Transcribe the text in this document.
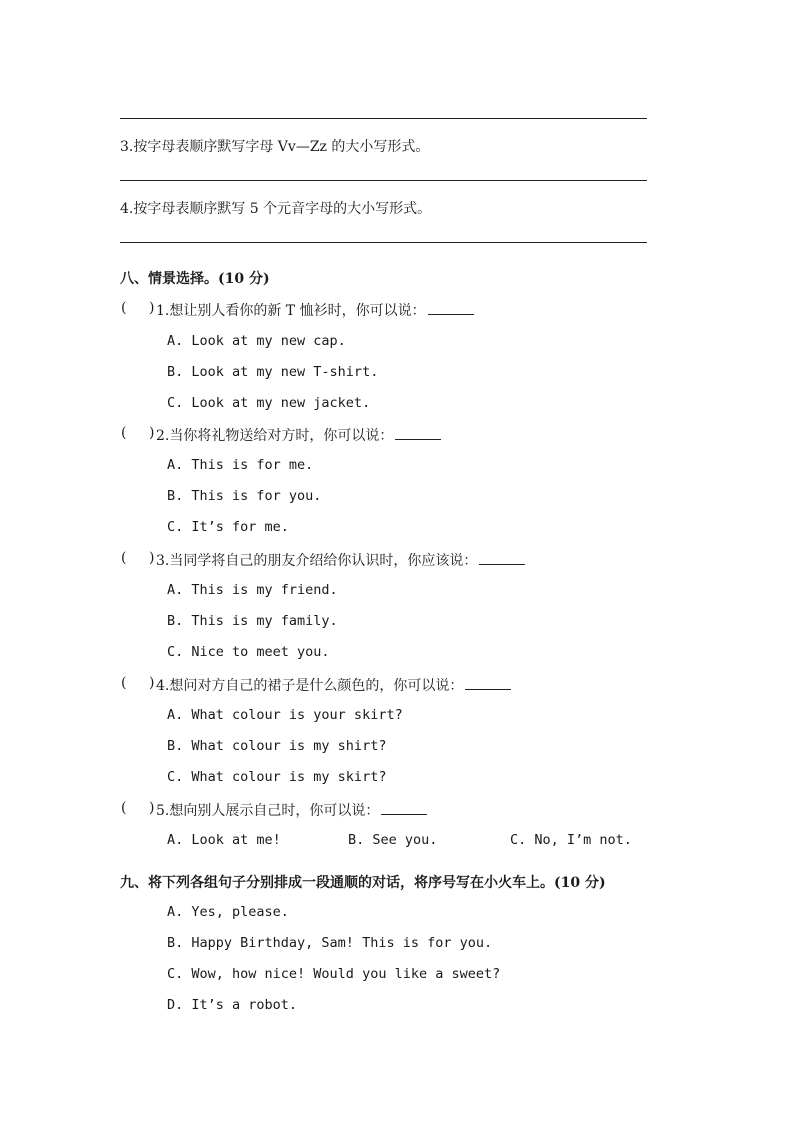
3.按字母表顺序默写字母 Vv—Zz 的大小写形式。
4.按字母表顺序默写 5 个元音字母的大小写形式。
八、情景选择。(10 分)
( ) 1.想让别人看你的新 T 恤衫时，你可以说：
A. Look at my new cap.
B. Look at my new T-shirt.
C. Look at my new jacket.
( ) 2.当你将礼物送给对方时，你可以说：
A. This is for me.
B. This is for you.
C. It’s for me.
( ) 3.当同学将自己的朋友介绍给你认识时，你应该说：
A. This is my friend.
B. This is my family.
C. Nice to meet you.
( ) 4.想问对方自己的裙子是什么颜色的，你可以说：
A. What colour is your skirt?
B. What colour is my shirt?
C. What colour is my skirt?
( ) 5.想向别人展示自己时，你可以说：
A. Look at me!	B. See you.	C. No, I’m not.
九、将下列各组句子分别排成一段通顺的对话，将序号写在小火车上。(10 分)
A. Yes, please.
B. Happy Birthday, Sam! This is for you.
C. Wow, how nice! Would you like a sweet?
D. It’s a robot.
